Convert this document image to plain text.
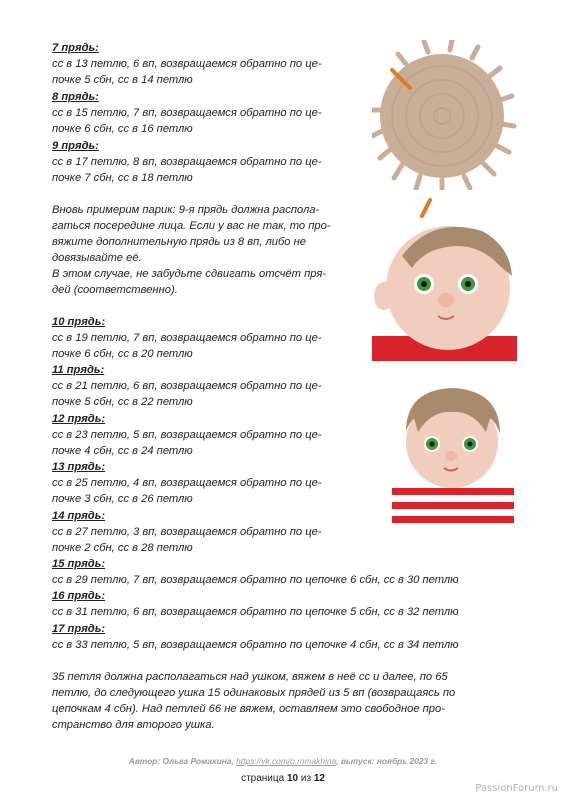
7 прядь:
сс в 13 петлю, 6 вп, возвращаемся обратно по це-
почке 5 сбн, сс в 14 петлю
8 прядь:
сс в 15 петлю, 7 вп, возвращаемся обратно по це-
почке 6 сбн, сс в 16 петлю
9 прядь:
сс в 17 петлю, 8 вп, возвращаемся обратно по це-
почке 7 сбн, сс в 18 петлю
Вновь примерим парик: 9-я прядь должна распола-
гаться посередине лица. Если у вас не так, то про-
вяжите дополнительную прядь из 8 вп, либо не
довязывайте её.
В этом случае, не забудьте сдвигать отсчёт пря-
дей (соответственно).
10 прядь:
сс в 19 петлю, 7 вп, возвращаемся обратно по це-
почке 6 сбн, сс в 20 петлю
11 прядь:
сс в 21 петлю, 6 вп, возвращаемся обратно по це-
почке 5 сбн, сс в 22 петлю
12 прядь:
сс в 23 петлю, 5 вп, возвращаемся обратно по це-
почке 4 сбн, сс в 24 петлю
13 прядь:
сс в 25 петлю, 4 вп, возвращаемся обратно по це-
почке 3 сбн, сс в 26 петлю
14 прядь:
сс в 27 петлю, 3 вп, возвращаемся обратно по це-
почке 2 сбн, сс в 28 петлю
15 прядь:
сс в 29 петлю, 7 вп, возвращаемся обратно по цепочке 6 сбн, сс в 30 петлю
16 прядь:
сс в 31 петлю, 6 вп, возвращаемся обратно по цепочке 5 сбн, сс в 32 петлю
17 прядь:
сс в 33 петлю, 5 вп, возвращаемся обратно по цепочке 4 сбн, сс в 34 петлю
35 петля должна располагаться над ушком, вяжем в неё сс и далее, по 65
петлю, до следующего ушка 15 одинаковых прядей из 5 вп (возвращаясь по
цепочкам 4 сбн). Над петлей 66 не вяжем, оставляем это свободное про-
странство для второго ушка.
Автор: Ольга Ромахина, https://vk.com/o.romakhina, выпуск: ноябрь 2023 г.
страница 10 из 12
PassionForum.ru
